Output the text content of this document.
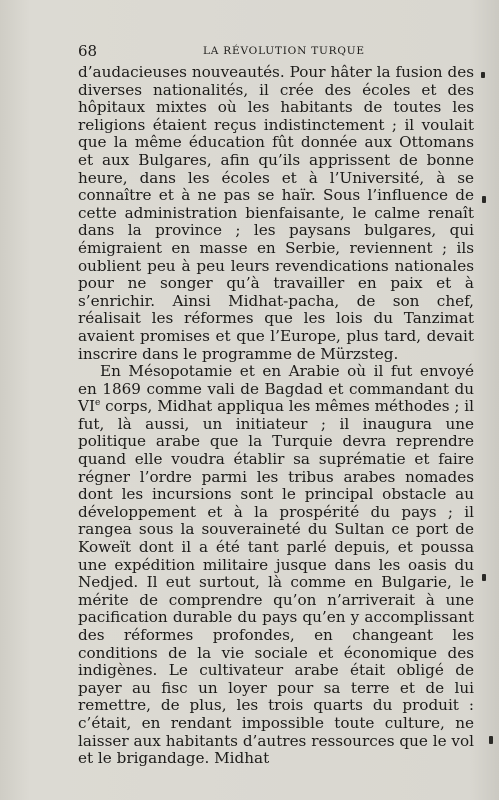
68	LA RÉVOLUTION TURQUE

d’audacieuses nouveautés. Pour hâter la fusion des diverses nationalités, il crée des écoles et des hôpitaux mixtes où les habitants de toutes les religions étaient reçus indistinctement ; il voulait que la même éducation fût donnée aux Ottomans et aux Bulgares, afin qu’ils apprissent de bonne heure, dans les écoles et à l’Université, à se connaître et à ne pas se haïr. Sous l’influence de cette administration bienfaisante, le calme renaît dans la province ; les paysans bulgares, qui émigraient en masse en Serbie, reviennent ; ils oublient peu à peu leurs revendications nationales pour ne songer qu’à travailler en paix et à s’enrichir. Ainsi Midhat-pacha, de son chef, réalisait les réformes que les lois du Tanzimat avaient promises et que l’Europe, plus tard, devait inscrire dans le programme de Mürzsteg.

En Mésopotamie et en Arabie où il fut envoyé en 1869 comme vali de Bagdad et commandant du VIe corps, Midhat appliqua les mêmes méthodes ; il fut, là aussi, un initiateur ; il inaugura une politique arabe que la Turquie devra reprendre quand elle voudra établir sa suprématie et faire régner l’ordre parmi les tribus arabes nomades dont les incursions sont le principal obstacle au développement et à la prospérité du pays ; il rangea sous la souveraineté du Sultan ce port de Koweït dont il a été tant parlé depuis, et poussa une expédition militaire jusque dans les oasis du Nedjed. Il eut surtout, là comme en Bulgarie, le mérite de comprendre qu’on n’arriverait à une pacification durable du pays qu’en y accomplissant des réformes profondes, en changeant les conditions de la vie sociale et économique des indigènes. Le cultivateur arabe était obligé de payer au fisc un loyer pour sa terre et de lui remettre, de plus, les trois quarts du produit : c’était, en rendant impossible toute culture, ne laisser aux habitants d’autres ressources que le vol et le brigandage. Midhat
